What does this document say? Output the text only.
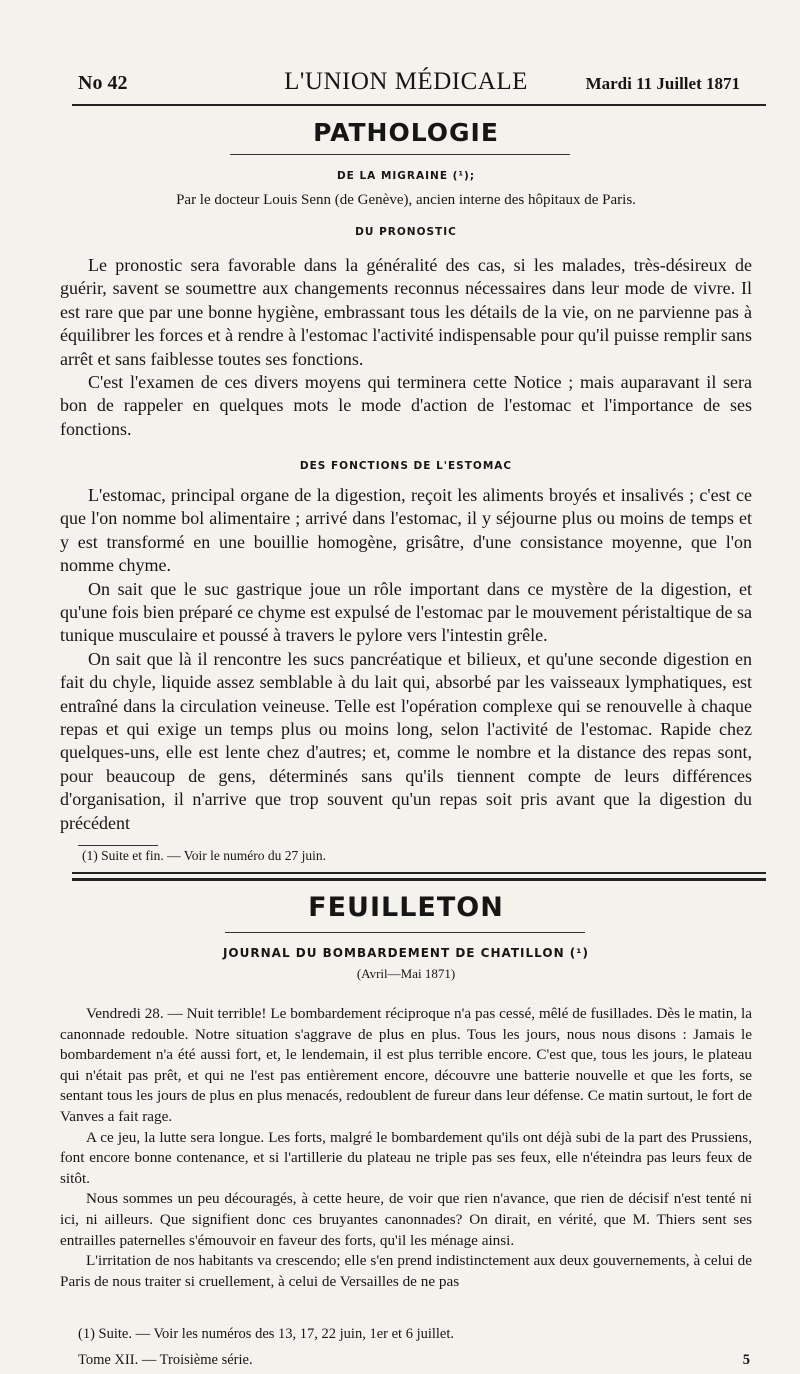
No 42	L'UNION MÉDICALE	Mardi 11 Juillet 1871
PATHOLOGIE
DE LA MIGRAINE (¹);
Par le docteur Louis Senn (de Genève), ancien interne des hôpitaux de Paris.
DU PRONOSTIC

Le pronostic sera favorable dans la généralité des cas, si les malades, très-désireux de guérir, savent se soumettre aux changements reconnus nécessaires dans leur mode de vivre. Il est rare que par une bonne hygiène, embrassant tous les détails de la vie, on ne parvienne pas à équilibrer les forces et à rendre à l'estomac l'activité indispensable pour qu'il puisse remplir sans arrêt et sans faiblesse toutes ses fonctions.

C'est l'examen de ces divers moyens qui terminera cette Notice ; mais auparavant il sera bon de rappeler en quelques mots le mode d'action de l'estomac et l'importance de ses fonctions.

DES FONCTIONS DE L'ESTOMAC

L'estomac, principal organe de la digestion, reçoit les aliments broyés et insalivés ; c'est ce que l'on nomme bol alimentaire ; arrivé dans l'estomac, il y séjourne plus ou moins de temps et y est transformé en une bouillie homogène, grisâtre, d'une consistance moyenne, que l'on nomme chyme.

On sait que le suc gastrique joue un rôle important dans ce mystère de la digestion, et qu'une fois bien préparé ce chyme est expulsé de l'estomac par le mouvement péristaltique de sa tunique musculaire et poussé à travers le pylore vers l'intestin grêle.

On sait que là il rencontre les sucs pancréatique et bilieux, et qu'une seconde digestion en fait du chyle, liquide assez semblable à du lait qui, absorbé par les vaisseaux lymphatiques, est entraîné dans la circulation veineuse. Telle est l'opération complexe qui se renouvelle à chaque repas et qui exige un temps plus ou moins long, selon l'activité de l'estomac. Rapide chez quelques-uns, elle est lente chez d'autres; et, comme le nombre et la distance des repas sont, pour beaucoup de gens, déterminés sans qu'ils tiennent compte de leurs différences d'organisation, il n'arrive que trop souvent qu'un repas soit pris avant que la digestion du précédent

(1) Suite et fin. — Voir le numéro du 27 juin.
FEUILLETON
JOURNAL DU BOMBARDEMENT DE CHATILLON (¹)
(Avril—Mai 1871)

Vendredi 28. — Nuit terrible! Le bombardement réciproque n'a pas cessé, mêlé de fusillades. Dès le matin, la canonnade redouble. Notre situation s'aggrave de plus en plus. Tous les jours, nous nous disons : Jamais le bombardement n'a été aussi fort, et, le lendemain, il est plus terrible encore. C'est que, tous les jours, le plateau qui n'était pas prêt, et qui ne l'est pas entièrement encore, découvre une batterie nouvelle et que les forts, se sentant tous les jours de plus en plus menacés, redoublent de fureur dans leur défense. Ce matin surtout, le fort de Vanves a fait rage.

A ce jeu, la lutte sera longue. Les forts, malgré le bombardement qu'ils ont déjà subi de la part des Prussiens, font encore bonne contenance, et si l'artillerie du plateau ne triple pas ses feux, elle n'éteindra pas leurs feux de sitôt.

Nous sommes un peu découragés, à cette heure, de voir que rien n'avance, que rien de décisif n'est tenté ni ici, ni ailleurs. Que signifient donc ces bruyantes canonnades? On dirait, en vérité, que M. Thiers sent ses entrailles paternelles s'émouvoir en faveur des forts, qu'il les ménage ainsi.

L'irritation de nos habitants va crescendo; elle s'en prend indistinctement aux deux gouvernements, à celui de Paris de nous traiter si cruellement, à celui de Versailles de ne pas

(1) Suite. — Voir les numéros des 13, 17, 22 juin, 1er et 6 juillet.
Tome XII. — Troisième série.	5
